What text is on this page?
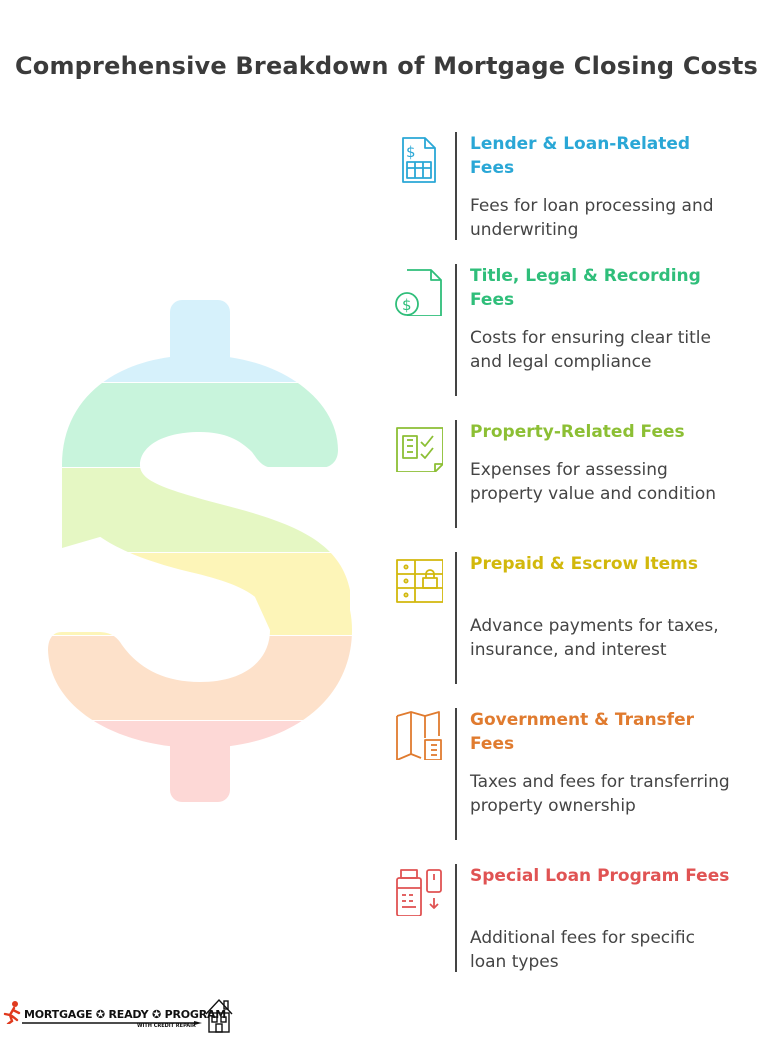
Comprehensive Breakdown of Mortgage Closing Costs
$	Lender & Loan-Related Fees
Fees for loan processing and underwriting
$
Title, Legal & Recording Fees
Costs for ensuring clear title and legal compliance
Property-Related Fees
Expenses for assessing property value and condition
Prepaid & Escrow Items
Advance payments for taxes, insurance, and interest
Government & Transfer Fees
Taxes and fees for transferring property ownership
Special Loan Program Fees
Additional fees for specific loan types
MORTGAGE ✪ READY ✪ PROGRAM
WITH CREDIT REPAIR
